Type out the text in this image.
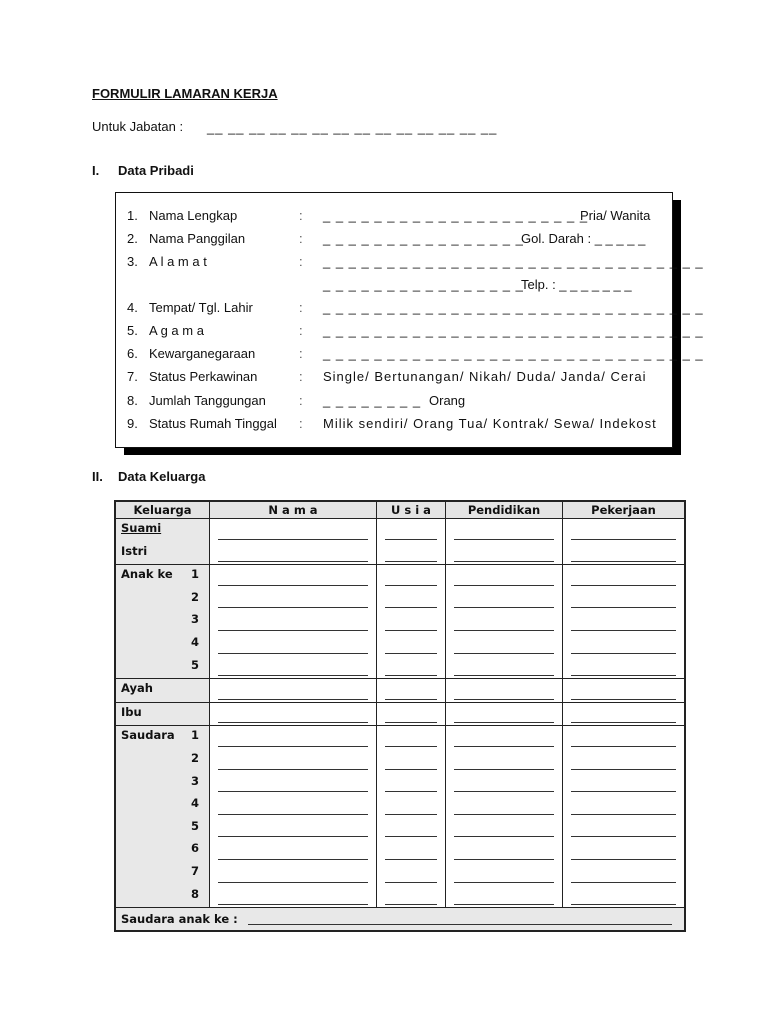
FORMULIR LAMARAN KERJA
Untuk Jabatan : __ __ __ __ __ __ __ __ __ __ __ __ __ __
I. Data Pribadi
1. Nama Lengkap	: _ _ _ _ _ _ _ _ _ _ _ _ _ _ _ _ _ _ _ _ _ .
Pria/ Wanita
2. Nama Panggilan	: _ _ _ _ _ _ _ _ _ _ _ _ _ _ _ _
Gol. Darah : _ _ _ _ _
3. A l a m a t	: _ _ _ _ _ _ _ _ _ _ _ _ _ _ _ _ _ _ _ _ _ _ _ _ _ _ _ _ _ _
_ _ _ _ _ _ _ _ _ _ _ _ _ _ _ _
Telp. : _ _ _ _ _ _ _
4. Tempat/ Tgl. Lahir	: _ _ _ _ _ _ _ _ _ _ _ _ _ _ _ _ _ _ _ _ _ _ _ _ _ _ _ _ _ _
5. A g a m a	: _ _ _ _ _ _ _ _ _ _ _ _ _ _ _ _ _ _ _ _ _ _ _ _ _ _ _ _ _ _
6. Kewarganegaraan	: _ _ _ _ _ _ _ _ _ _ _ _ _ _ _ _ _ _ _ _ _ _ _ _ _ _ _ _ _ _
7. Status Perkawinan	: Single/ Bertunangan/ Nikah/ Duda/ Janda/ Cerai
8. Jumlah Tanggungan	: _ _ _ _ _ _ _ _ Orang
9. Status Rumah Tinggal : Milik sendiri/ Orang Tua/ Kontrak/ Sewa/ Indekost
II. Data Keluarga
Keluarga	N a m a	U s i a	Pendidikan	Pekerjaan

Suami
Istri				

Anak ke 1
2
3
4
5

Ayah				

Ibu				

Saudara 1
2
3
4
5
6
7
8

Saudara anak ke :				
